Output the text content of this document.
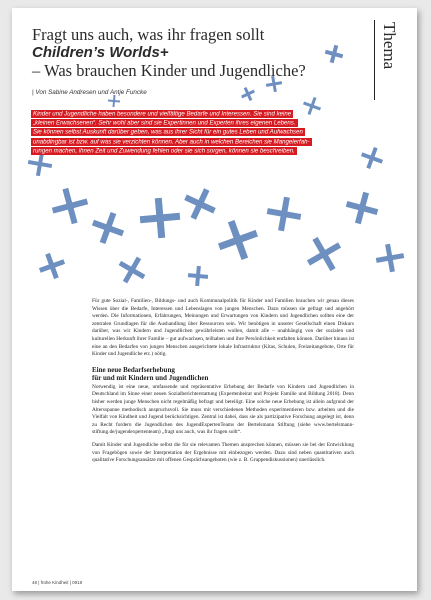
Fragt uns auch, was ihr fragen sollt
Children’s Worlds+
– Was brauchen Kinder und Jugendliche?
Thema
| Von Sabine Andresen und Antje Funcke
Kinder und Jugendliche haben besondere und vielfältige Bedarfe und Interessen. Sie sind keine
„kleinen Erwachsenen“. Sehr wohl aber sind sie Expertinnen und Experten ihres eigenen Lebens.
Sie können selbst Auskunft darüber geben, was aus ihrer Sicht für ein gutes Leben und Aufwachsen
unabdingbar ist bzw. auf was sie verzichten können. Aber auch in welchen Bereichen sie Mangelerfah-
rungen machen, ihnen Zeit und Zuwendung fehlen oder sie sich sorgen, können sie beschreiben.

Für gute Sozial-, Familien-, Bildungs- und auch Kommunalpolitik für Kinder und Familien brauchen wir genau dieses Wissen über die Bedarfe, Interessen und Lebenslagen von jungen Menschen. Dazu müssen sie gefragt und angehört werden. Die Informationen, Erfahrungen, Meinungen und Erwartungen von Kindern und Jugendlichen sollten eine der zentralen Grundlagen für die Aushandlung über Ressourcen sein. Wir benötigen in unserer Gesellschaft einen Diskurs darüber, was wir Kindern und Jugendlichen gewährleisten wollen, damit alle – unabhängig von der sozialen und kulturellen Herkunft ihrer Familie – gut aufwachsen, teilhaben und ihre Persönlichkeit entfalten können. Darüber hinaus ist eine an den Bedarfen von jungen Menschen ausgerichtete lokale Infrastruktur (Kitas, Schulen, Freizeitangebote, Orte für Kinder und Jugendliche etc.) nötig.

Eine neue Bedarfserhebung
für und mit Kindern und Jugendlichen

Notwendig ist eine neue, umfassende und repräsentative Erhebung der Bedarfe von Kindern und Jugendlichen in Deutschland im Sinne einer neuen Sozialberichterstattung (Expertenbeirat und Projekt Familie und Bildung 2018). Denn bisher werden junge Menschen nicht regelmäßig befragt und beteiligt. Eine solche neue Erhebung ist allein aufgrund der Altersspanne methodisch anspruchsvoll. Sie muss mit verschiedenen Methoden experimentieren bzw. arbeiten und die Vielfalt von Kindheit und Jugend berücksichtigen. Zentral ist dabei, dass sie als partizipative Forschung angelegt ist, denn zu Recht fordern die Jugendlichen des JugendExpertenTeams der Bertelsmann Stiftung (siehe www.bertelsmann-stiftung.de/jugendexpertenteam) „fragt uns auch, was ihr fragen sollt“.

Damit Kinder und Jugendliche selbst die für sie relevanten Themen ansprechen können, müssen sie bei der Entwicklung von Fragebögen sowie der Interpretation der Ergebnisse mit einbezogen werden. Dazu sind neben quantitativen auch qualitative Forschungsansätze mit offenen Gesprächsangeboten (wie z. B. Gruppendiskussionen) unerlässlich.

48 | frühe Kindheit | 0918
